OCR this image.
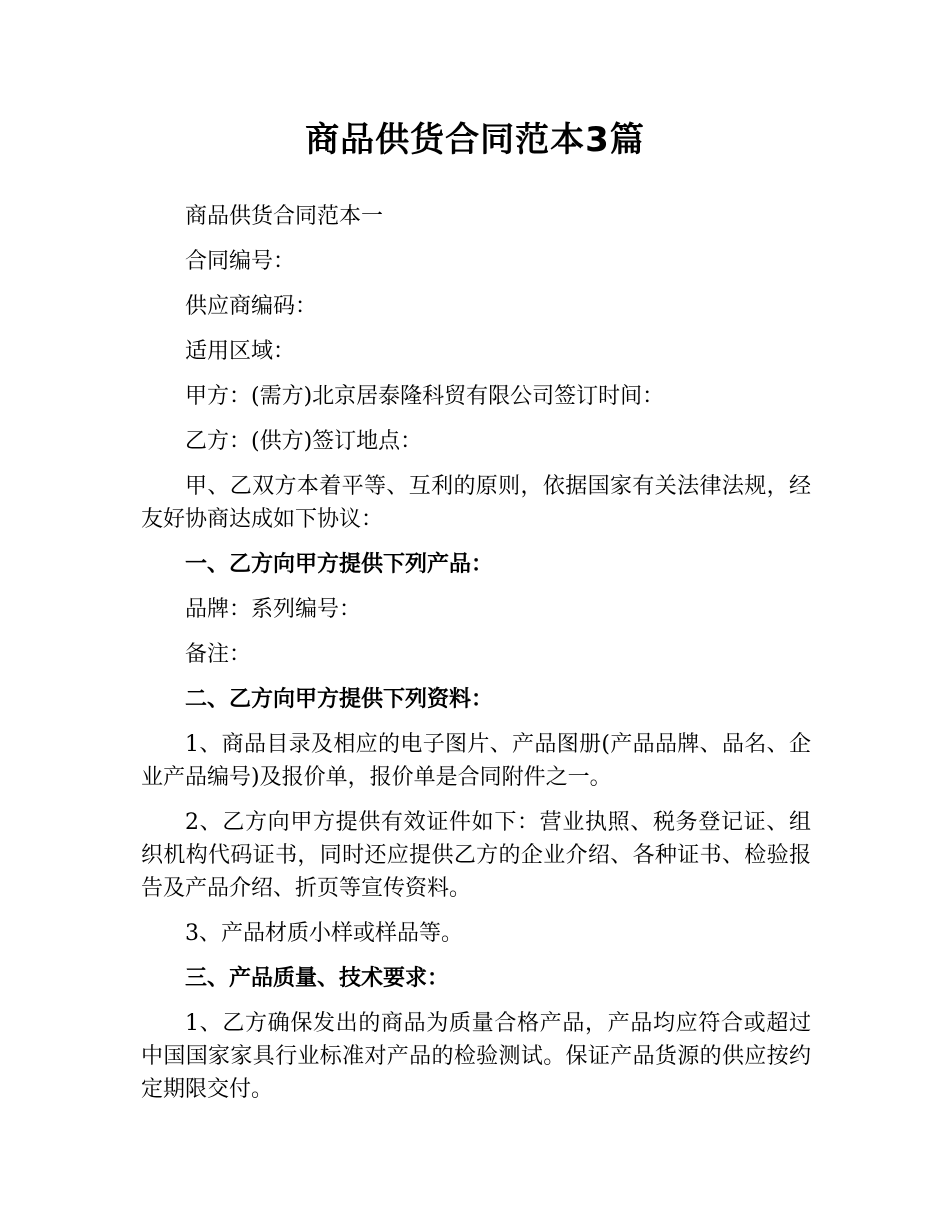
商品供货合同范本3篇

商品供货合同范本一

合同编号：

供应商编码：

适用区域：

甲方：(需方)北京居泰隆科贸有限公司签订时间：

乙方：(供方)签订地点：

甲、乙双方本着平等、互利的原则，依据国家有关法律法规，经友好协商达成如下协议：

一、乙方向甲方提供下列产品：

品牌：系列编号：

备注：

二、乙方向甲方提供下列资料：

1、商品目录及相应的电子图片、产品图册(产品品牌、品名、企业产品编号)及报价单，报价单是合同附件之一。

2、乙方向甲方提供有效证件如下：营业执照、税务登记证、组织机构代码证书，同时还应提供乙方的企业介绍、各种证书、检验报告及产品介绍、折页等宣传资料。

3、产品材质小样或样品等。

三、产品质量、技术要求：

1、乙方确保发出的商品为质量合格产品，产品均应符合或超过中国国家家具行业标准对产品的检验测试。保证产品货源的供应按约定期限交付。
